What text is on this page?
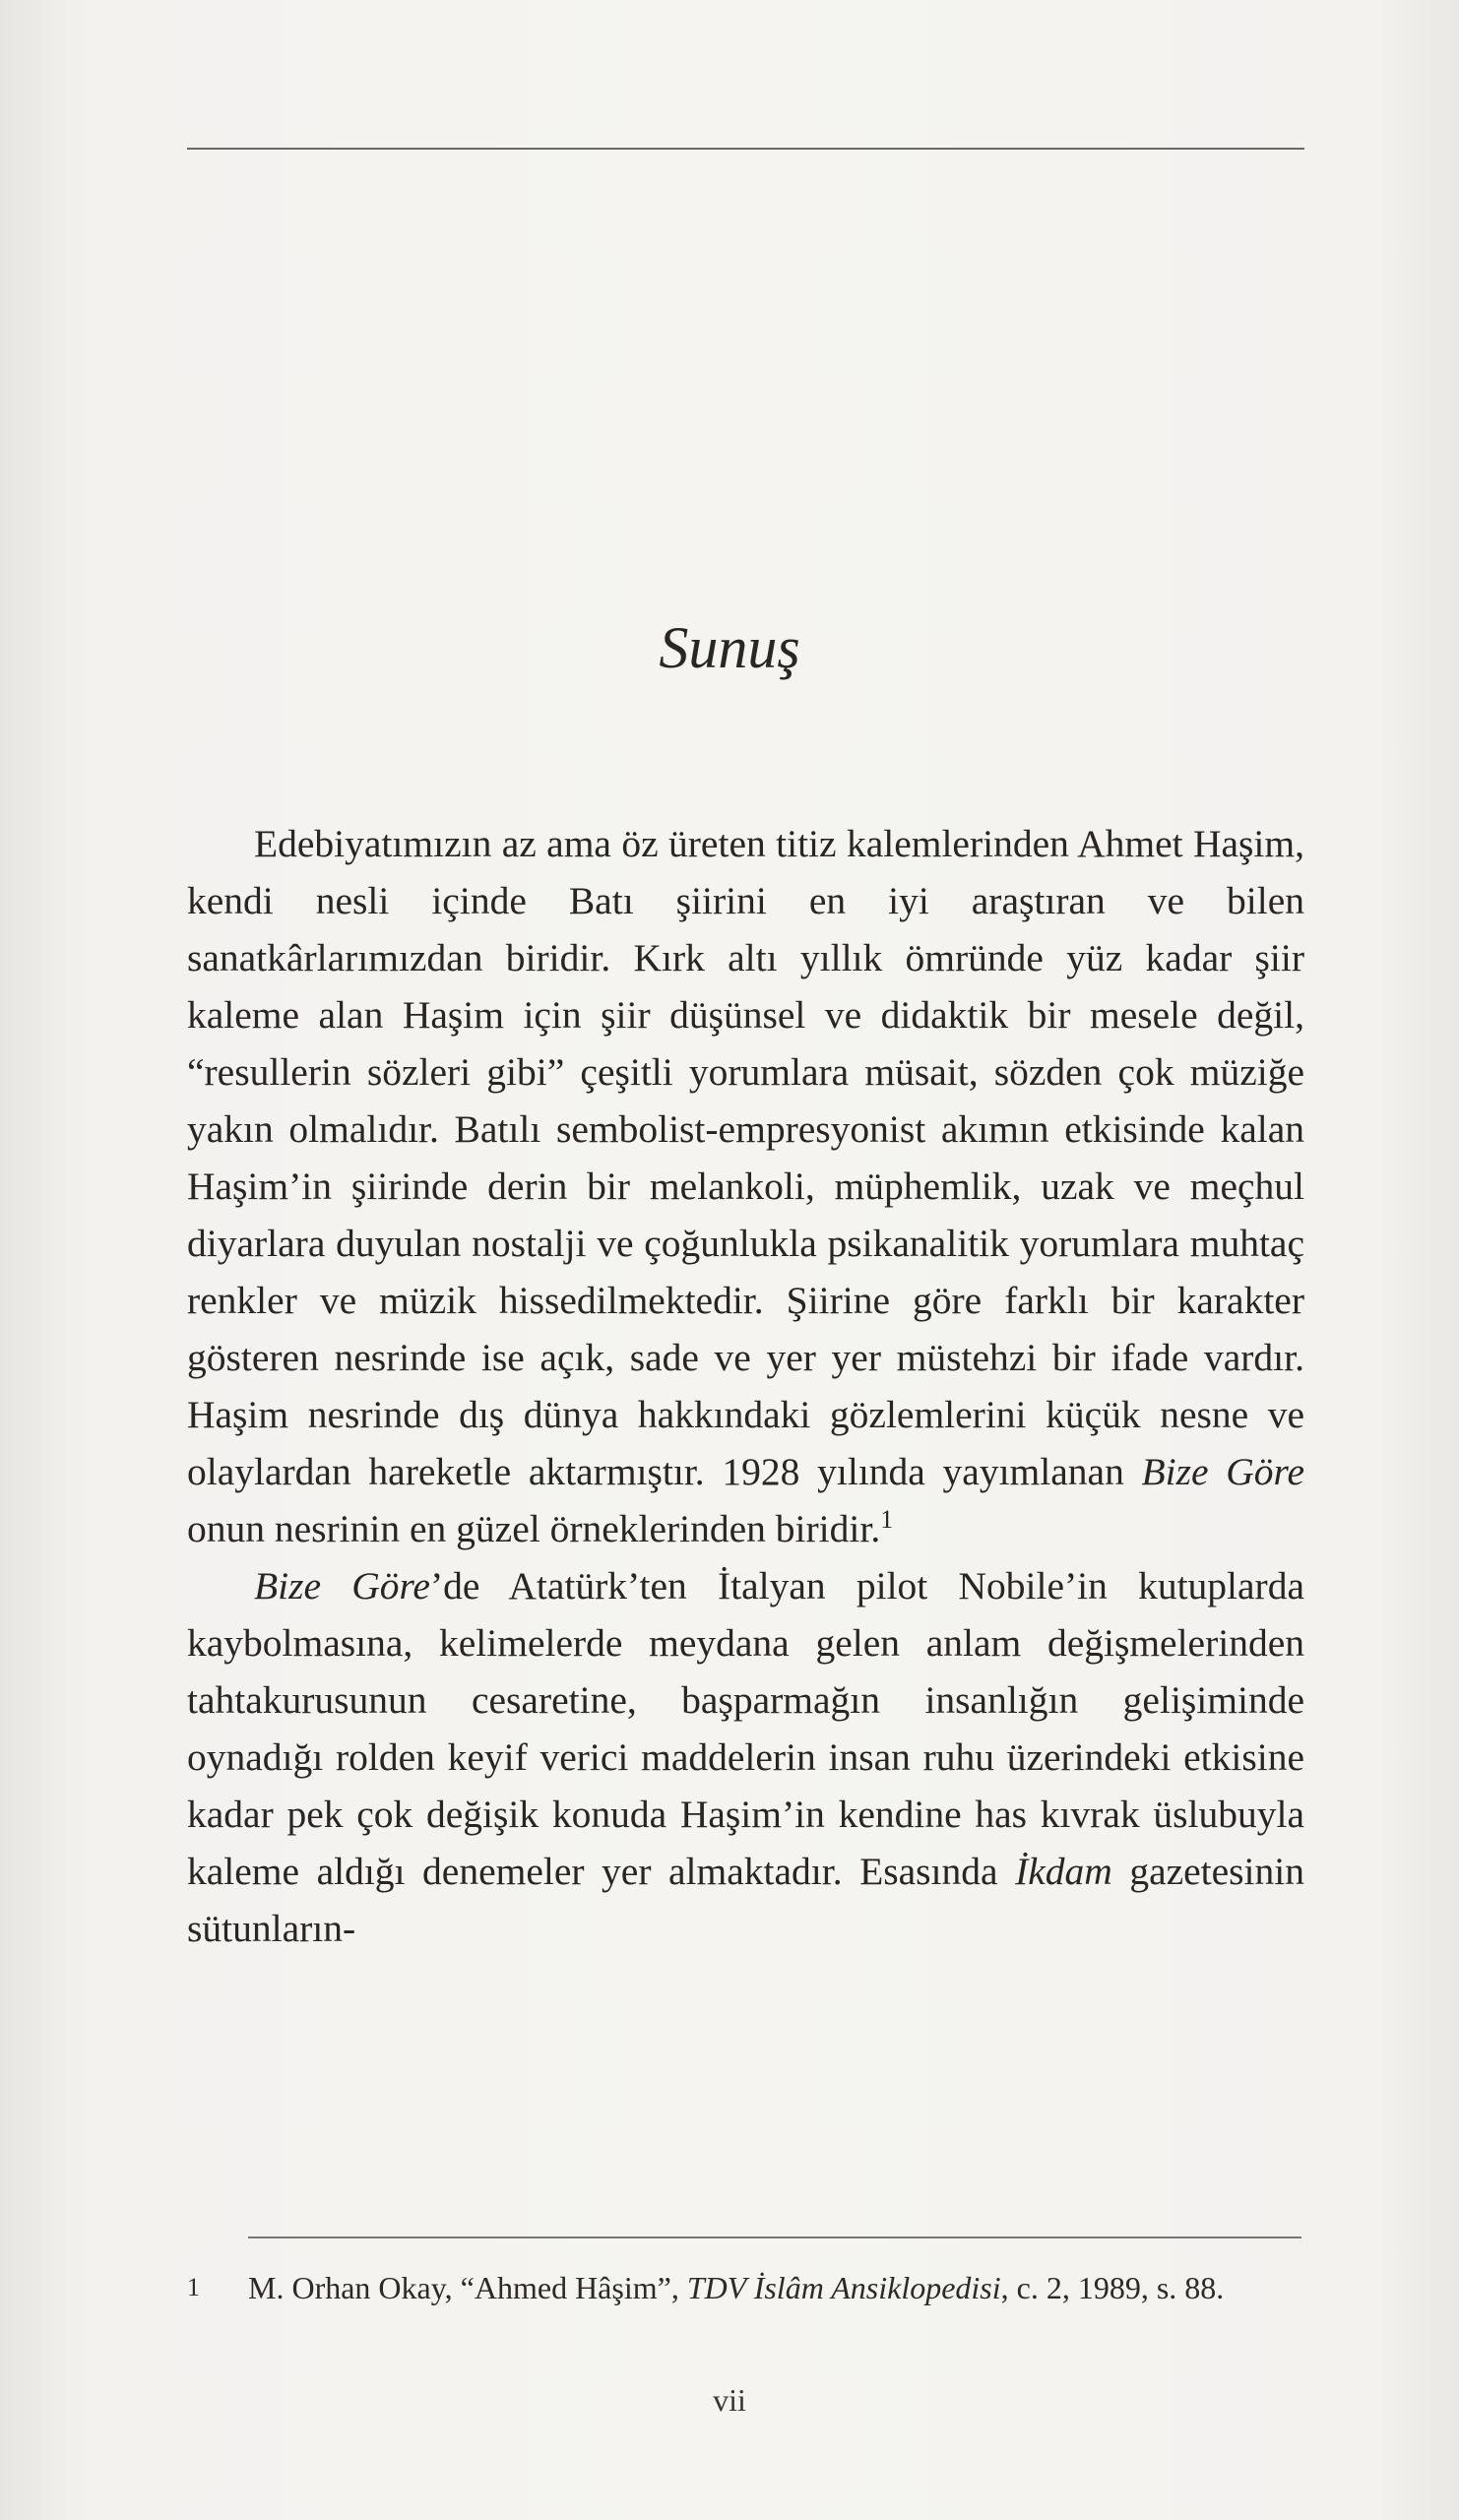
Sunuş

Edebiyatımızın az ama öz üreten titiz kalemlerinden Ahmet Haşim, kendi nesli içinde Batı şiirini en iyi araştıran ve bilen sanatkârlarımızdan biridir. Kırk altı yıllık ömründe yüz kadar şiir kaleme alan Haşim için şiir düşünsel ve didaktik bir mesele değil, “resullerin sözleri gibi” çeşitli yorumlara müsait, sözden çok müziğe yakın olmalıdır. Batılı sembolist-empresyonist akımın etkisinde kalan Haşim’in şiirinde derin bir melankoli, müphemlik, uzak ve meçhul diyarlara duyulan nostalji ve çoğunlukla psikanalitik yorumlara muhtaç renkler ve müzik hissedilmektedir. Şiirine göre farklı bir karakter gösteren nesrinde ise açık, sade ve yer yer müstehzi bir ifade vardır. Haşim nesrinde dış dünya hakkındaki gözlemlerini küçük nesne ve olaylardan hareketle aktarmıştır. 1928 yılında yayımlanan Bize Göre onun nesrinin en güzel örneklerinden biridir.$^1$

Bize Göre’de Atatürk’ten İtalyan pilot Nobile’in kutuplarda kaybolmasına, kelimelerde meydana gelen anlam değişmelerinden tahtakurusunun cesaretine, başparmağın insanlığın gelişiminde oynadığı rolden keyif verici maddelerin insan ruhu üzerindeki etkisine kadar pek çok değişik konuda Haşim’in kendine has kıvrak üslubuyla kaleme aldığı denemeler yer almaktadır. Esasında İkdam gazetesinin sütunların-

1 M. Orhan Okay, “Ahmed Hâşim”, TDV İslâm Ansiklopedisi, c. 2, 1989, s. 88.
vii
